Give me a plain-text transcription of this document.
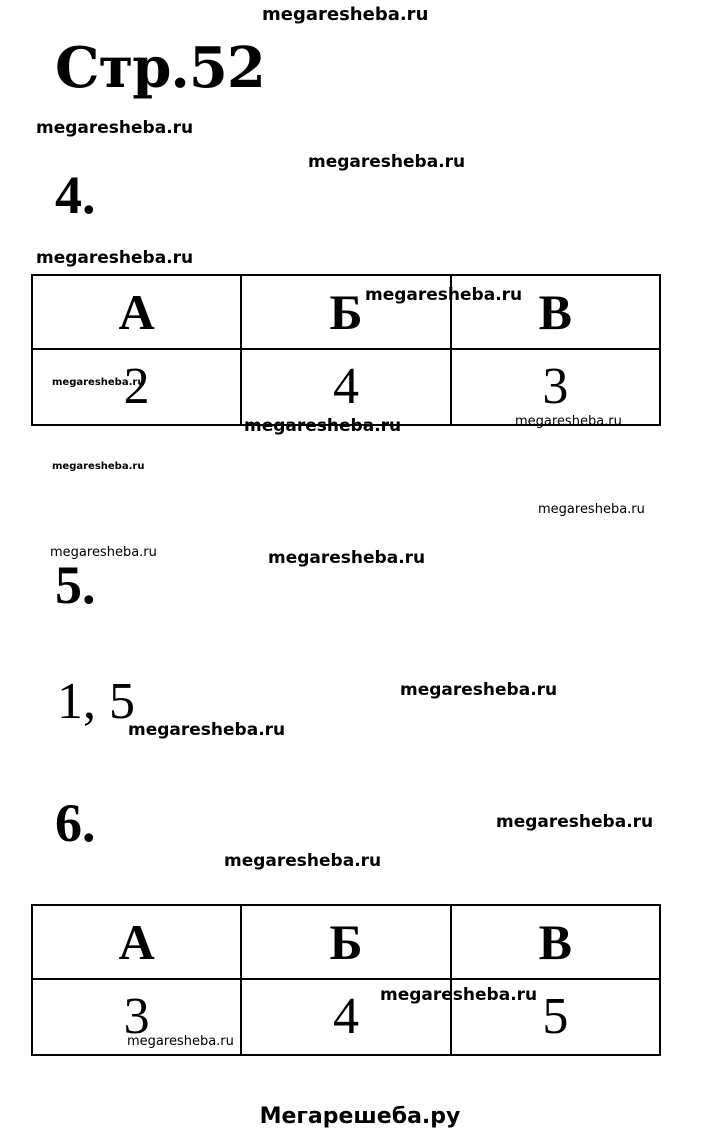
megaresheba.ru
Стр.52
megaresheba.ru
megaresheba.ru
4.
megaresheba.ru
А	Б	В
2	4	3
megaresheba.ru
megaresheba.ru
megaresheba.ru	megaresheba.ru
megaresheba.ru
megaresheba.ru
megaresheba.ru	megaresheba.ru
5.
megaresheba.ru
1, 5
megaresheba.ru
6.	megaresheba.ru
megaresheba.ru
А	Б	В
3	4	5
megaresheba.ru
megaresheba.ru
Мегарешеба.ру
